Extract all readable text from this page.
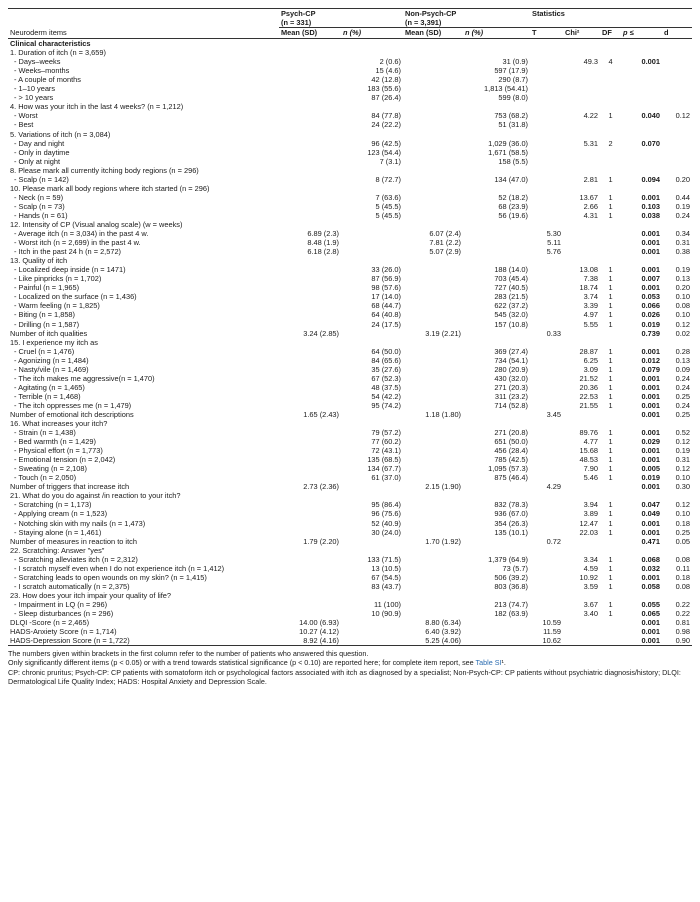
	Psych-CP		Non-Psych-CP		Statistics				
	(n = 331)		(n = 3,391)						
Neuroderm items	Mean (SD)	n (%)	Mean (SD)	n (%)	T	Chi²	DF	p ≤	d
Clinical characteristics									
1. Duration of itch (n = 3,659)									
- Days–weeks		2 (0.6)		31 (0.9)		49.3	4	0.001	
- Weeks–months		15 (4.6)		597 (17.9)					
- A couple of months		42 (12.8)		290 (8.7)					
- 1–10 years		183 (55.6)		1,813 (54.41)					
- > 10 years		87 (26.4)		599 (8.0)					
4. How was your itch in the last 4 weeks? (n = 1,212)									
- Worst		84 (77.8)		753 (68.2)		4.22	1	0.040	0.12
- Best		24 (22.2)		51 (31.8)					
5. Variations of itch (n = 3,084)									
- Day and night		96 (42.5)		1,029 (36.0)		5.31	2	0.070	
- Only in daytime		123 (54.4)		1,671 (58.5)					
- Only at night		7 (3.1)		158 (5.5)					
8. Please mark all currently itching body regions (n = 296)									
- Scalp (n = 142)		8 (72.7)		134 (47.0)		2.81	1	0.094	0.20
10. Please mark all body regions where itch started (n = 296)									
- Neck (n = 59)		7 (63.6)		52 (18.2)		13.67	1	0.001	0.44
- Scalp (n = 73)		5 (45.5)		68 (23.9)		2.66	1	0.103	0.19
- Hands (n = 61)		5 (45.5)		56 (19.6)		4.31	1	0.038	0.24
12. Intensity of CP (Visual analog scale) (w = weeks)									
- Average itch (n = 3,034) in the past 4 w.	6.89 (2.3)		6.07 (2.4)		5.30			0.001	0.34
- Worst itch (n = 2,699) in the past 4 w.	8.48 (1.9)		7.81 (2.2)		5.11			0.001	0.31
- Itch in the past 24 h (n = 2,572)	6.18 (2.8)		5.07 (2.9)		5.76			0.001	0.38
13. Quality of itch									
- Localized deep inside (n = 1471)		33 (26.0)		188 (14.0)		13.08	1	0.001	0.19
- Like pinpricks (n = 1,702)		87 (56.9)		703 (45.4)		7.38	1	0.007	0.13
- Painful (n = 1,965)		98 (57.6)		727 (40.5)		18.74	1	0.001	0.20
- Localized on the surface (n = 1,436)		17 (14.0)		283 (21.5)		3.74	1	0.053	0.10
- Warm feeling (n = 1,825)		68 (44.7)		622 (37.2)		3.39	1	0.066	0.08
- Biting (n = 1,858)		64 (40.8)		545 (32.0)		4.97	1	0.026	0.10
- Drilling (n = 1,587)		24 (17.5)		157 (10.8)		5.55	1	0.019	0.12
Number of itch qualities	3.24 (2.85)		3.19 (2.21)		0.33			0.739	0.02
15. I experience my itch as									
- Cruel (n = 1,476)		64 (50.0)		369 (27.4)		28.87	1	0.001	0.28
- Agonizing (n = 1,484)		84 (65.6)		734 (54.1)		6.25	1	0.012	0.13
- Nasty/vile (n = 1,469)		35 (27.6)		280 (20.9)		3.09	1	0.079	0.09
- The itch makes me aggressive(n = 1,470)		67 (52.3)		430 (32.0)		21.52	1	0.001	0.24
- Agitating (n = 1,465)		48 (37.5)		271 (20.3)		20.36	1	0.001	0.24
- Terrible (n = 1,468)		54 (42.2)		311 (23.2)		22.53	1	0.001	0.25
- The itch oppresses me (n = 1,479)		95 (74.2)		714 (52.8)		21.55	1	0.001	0.24
Number of emotional itch descriptions	1.65 (2.43)		1.18 (1.80)		3.45			0.001	0.25
16. What increases your itch?									
- Strain (n = 1,438)		79 (57.2)		271 (20.8)		89.76	1	0.001	0.52
- Bed warmth (n = 1,429)		77 (60.2)		651 (50.0)		4.77	1	0.029	0.12
- Physical effort (n = 1,773)		72 (43.1)		456 (28.4)		15.68	1	0.001	0.19
- Emotional tension (n = 2,042)		135 (68.5)		785 (42.5)		48.53	1	0.001	0.31
- Sweating (n = 2,108)		134 (67.7)		1,095 (57.3)		7.90	1	0.005	0.12
- Touch (n = 2,050)		61 (37.0)		875 (46.4)		5.46	1	0.019	0.10
Number of triggers that increase itch	2.73 (2.36)		2.15 (1.90)		4.29			0.001	0.30
21. What do you do against /in reaction to your itch?									
- Scratching (n = 1,173)		95 (86.4)		832 (78.3)		3.94	1	0.047	0.12
- Applying cream (n = 1,523)		96 (75.6)		936 (67.0)		3.89	1	0.049	0.10
- Notching skin with my nails (n = 1,473)		52 (40.9)		354 (26.3)		12.47	1	0.001	0.18
- Staying alone (n = 1,461)		30 (24.0)		135 (10.1)		22.03	1	0.001	0.25
Number of measures in reaction to itch	1.79 (2.20)		1.70 (1.92)		0.72			0.471	0.05
22. Scratching: Answer "yes"									
- Scratching alleviates itch (n = 2,312)		133 (71.5)		1,379 (64.9)		3.34	1	0.068	0.08
- I scratch myself even when I do not experience itch (n = 1,412)		13 (10.5)		73 (5.7)		4.59	1	0.032	0.11
- Scratching leads to open wounds on my skin? (n = 1,415)		67 (54.5)		506 (39.2)		10.92	1	0.001	0.18
- I scratch automatically (n = 2,375)		83 (43.7)		803 (36.8)		3.59	1	0.058	0.08
23. How does your itch impair your quality of life?									
- Impairment in LQ (n = 296)		11 (100)		213 (74.7)		3.67	1	0.055	0.22
- Sleep disturbances (n = 296)		10 (90.9)		182 (63.9)		3.40	1	0.065	0.22
DLQI -Score (n = 2,465)	14.00 (6.93)		8.80 (6.34)		10.59			0.001	0.81
HADS-Anxiety Score (n = 1,714)	10.27 (4.12)		6.40 (3.92)		11.59			0.001	0.98
HADS-Depression Score (n = 1,722)	8.92 (4.16)		5.25 (4.06)		10.62			0.001	0.90

The numbers given within brackets in the first column refer to the number of patients who answered this question.

Only significantly different items (p < 0.05) or with a trend towards statistical significance (p < 0.10) are reported here; for complete item report, see Table SI¹.

CP: chronic pruritus; Psych-CP: CP patients with somatoform itch or psychological factors associated with itch as diagnosed by a specialist; Non-Psych-CP: CP patients without psychiatric diagnosis/history; DLQI: Dermatological Life Quality Index; HADS: Hospital Anxiety and Depression Scale.
